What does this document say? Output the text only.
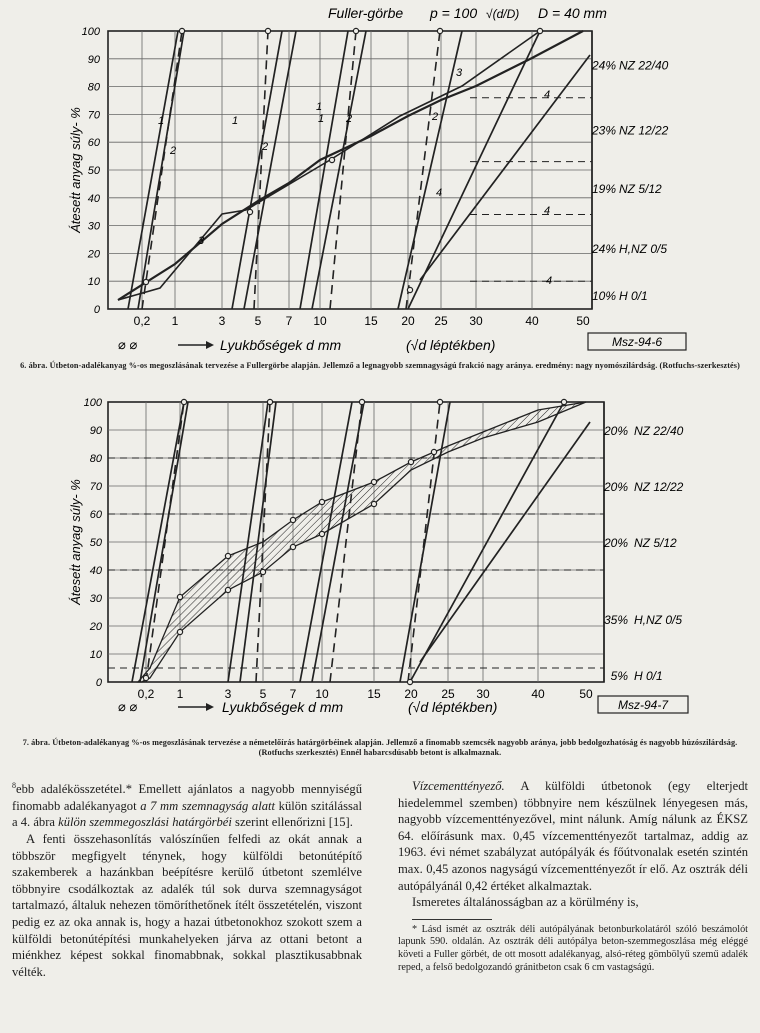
Fuller-görbe p = 100 √(d/D) D = 40 mm
0
10
20
30
40
50
60
70
80
90
100
0,2 1	3 5 7 10	15 20 25 30	40	50
24% NZ 22/40
23% NZ 12/22
19% NZ 5/12
24% H,NZ 0/5
10% H 0/1
1
2
1
2
1 2
3
3
4
4
4
4
1
2
Áteseṫt anyag súly- %
⌀ ⌀	Lyukbőségek d mm	(√d léptékben)	Msz-94-6
6. ábra. Útbeton-adalékanyag %-os megoszlásának tervezése a Fullergörbe alapján. Jellemző a legnagyobb szemnagyságú frakció nagy aránya. eredmény: nagy nyomószilárdság. (Rotfuchs-szerkesztés)
0
10
20
30
40
50
60
70
80
90
100
0,2 1	3 5 7 10	15 20 25 30	40	50
20% NZ 22/40
20% NZ 12/22
20% NZ 5/12
35% H,NZ 0/5
5% H 0/1
Áteseṫt anyag súly- %
⌀ ⌀	Lyukbőségek d mm	(√d léptékben)	Msz-94-7
7. ábra. Útbeton-adalékanyag %-os megoszlásának tervezése a németelőírás határgörbéinek alapján. Jellemző a finomabb szemcsék nagyobb aránya, jobb bedolgozhatóság és nagyobb húzószilárdság. (Rotfuchs szerkesztés) Ennél habarcsdúsabb betont is alkalmaznak.

$^8$ebb adalékösszetétel.* Emellett ajánlatos a nagyobb mennyiségű finomabb adalékanyagot a 7 mm szemnagyság alatt külön szitálással a 4. ábra külön szemmegoszlási határgörbéi szerint ellenőrizni [15].

A fenti összehasonlítás valószínűen felfedi az okát annak a többször megfigyelt ténynek, hogy külföldi betonútépítő szakemberek a hazánkban beépítésre kerülő útbetont szemlélve többnyire csodálkoztak az adalék túl sok durva szemnagyságot tartalmazó, általuk nehezen tömöríthetőnek ítélt összetételén, viszont pedig ez az oka annak is, hogy a hazai útbetonokhoz szokott szem a külföldi betonútépítési munkahelyeken járva az ottani betont a miénkhez képest sokkal finomabbnak, sokkal plasztikusabbnak vélték.

Vízcementtényező. A külföldi útbetonok (egy elterjedt hiedelemmel szemben) többnyire nem készülnek lényegesen más, nagyobb vízcementtényezővel, mint nálunk. Amíg nálunk az ÉKSZ 64. előírásunk max. 0,45 vízcementtényezőt tartalmaz, addig az 1963. évi német szabályzat autópályák és főútvonalak esetén szintén max. 0,45 azonos nagyságú vízcementtényezőt ír elő. Az osztrák déli autópályánál 0,42 értéket alkalmaztak.

Ismeretes általánosságban az a körülmény is,

* Lásd ismét az osztrák déli autópályának betonburkolatáról szóló beszámolót lapunk 590. oldalán. Az osztrák déli autópálya beton-szemmegoszlása még eléggé követi a Fuller görbét, de ott mosott adalékanyag, alsó-réteg gömbölyű szemű adalék reped, a felső bedolgozandó gránitbeton csak 6 cm vastagságú.
